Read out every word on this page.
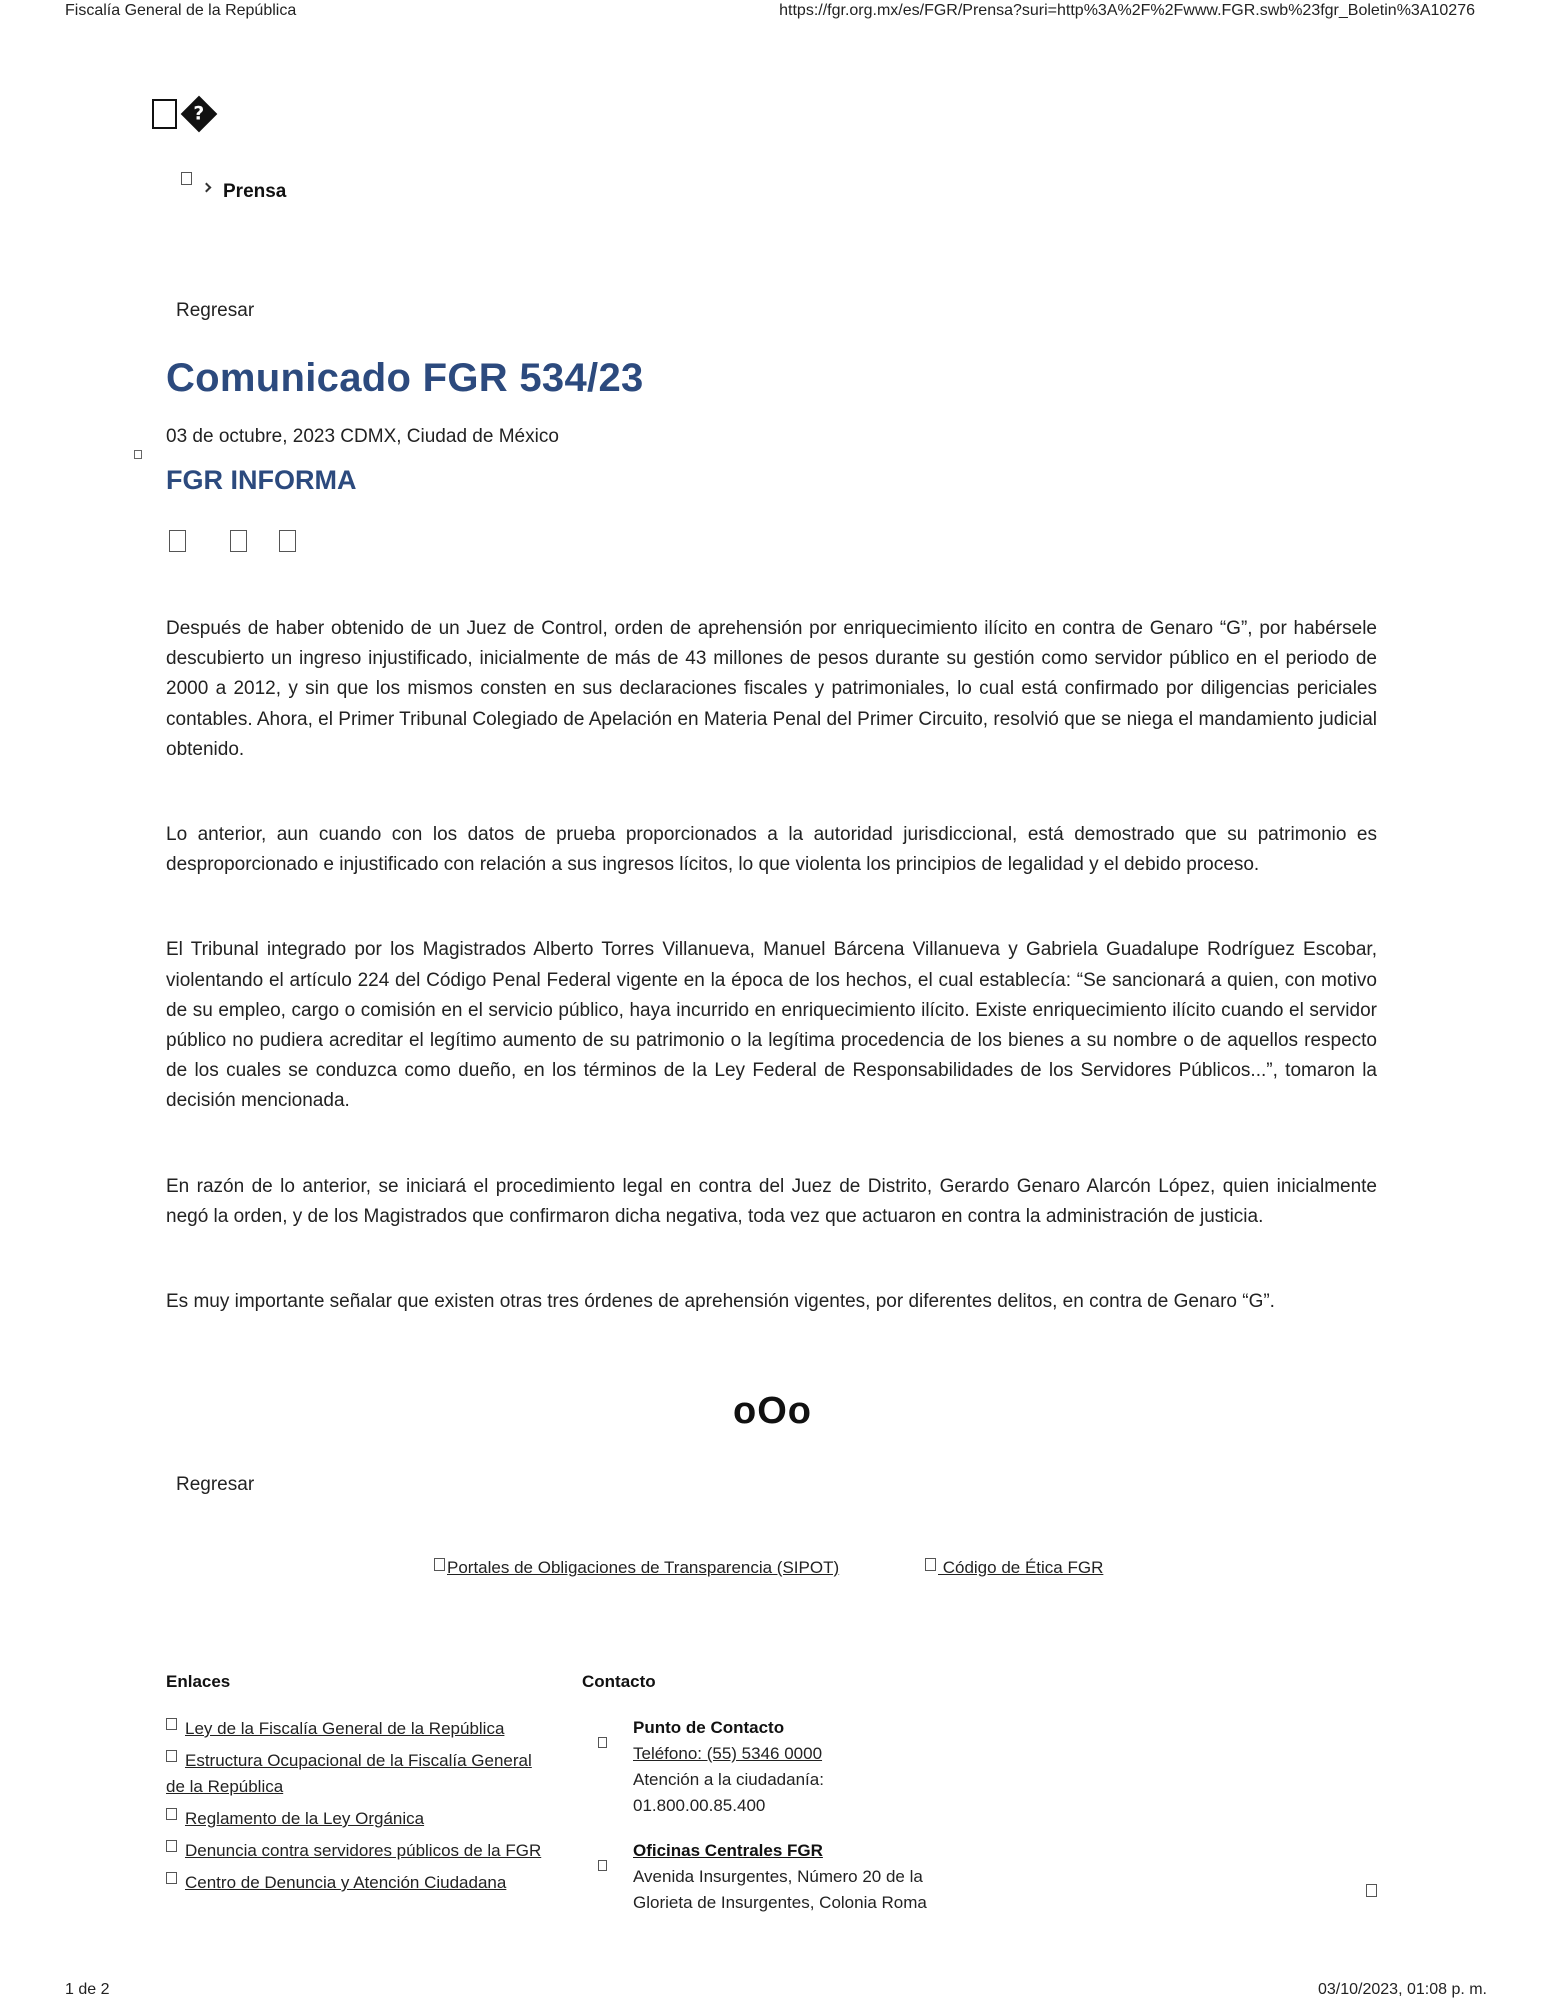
Fiscalía General de la República	https://fgr.org.mx/es/FGR/Prensa?suri=http%3A%2F%2Fwww.FGR.swb%23fgr_Boletin%3A10276
?
Prensa
Regresar
Comunicado FGR 534/23
03 de octubre, 2023 CDMX, Ciudad de México
FGR INFORMA

Después de haber obtenido de un Juez de Control, orden de aprehensión por enriquecimiento ilícito en contra de Genaro “G”, por habérsele descubierto un ingreso injustificado, inicialmente de más de 43 millones de pesos durante su gestión como servidor público en el periodo de 2000 a 2012, y sin que los mismos consten en sus declaraciones fiscales y patrimoniales, lo cual está confirmado por diligencias periciales contables. Ahora, el Primer Tribunal Colegiado de Apelación en Materia Penal del Primer Circuito, resolvió que se niega el mandamiento judicial obtenido.

Lo anterior, aun cuando con los datos de prueba proporcionados a la autoridad jurisdiccional, está demostrado que su patrimonio es desproporcionado e injustificado con relación a sus ingresos lícitos, lo que violenta los principios de legalidad y el debido proceso.

El Tribunal integrado por los Magistrados Alberto Torres Villanueva, Manuel Bárcena Villanueva y Gabriela Guadalupe Rodríguez Escobar, violentando el artículo 224 del Código Penal Federal vigente en la época de los hechos, el cual establecía: “Se sancionará a quien, con motivo de su empleo, cargo o comisión en el servicio público, haya incurrido en enriquecimiento ilícito. Existe enriquecimiento ilícito cuando el servidor público no pudiera acreditar el legítimo aumento de su patrimonio o la legítima procedencia de los bienes a su nombre o de aquellos respecto de los cuales se conduzca como dueño, en los términos de la Ley Federal de Responsabilidades de los Servidores Públicos...”, tomaron la decisión mencionada.

En razón de lo anterior, se iniciará el procedimiento legal en contra del Juez de Distrito, Gerardo Genaro Alarcón López, quien inicialmente negó la orden, y de los Magistrados que confirmaron dicha negativa, toda vez que actuaron en contra la administración de justicia.

Es muy importante señalar que existen otras tres órdenes de aprehensión vigentes, por diferentes delitos, en contra de Genaro “G”.

oOo
Regresar
Portales de Obligaciones de Transparencia (SIPOT)	Código de Ética FGR
Enlaces
Ley de la Fiscalía General de la República
Estructura Ocupacional de la Fiscalía General de la República
Reglamento de la Ley Orgánica
Denuncia contra servidores públicos de la FGR
Centro de Denuncia y Atención Ciudadana
Contacto
Punto de Contacto
Teléfono: (55) 5346 0000
Atención a la ciudadanía:
01.800.00.85.400
Oficinas Centrales FGR
Avenida Insurgentes, Número 20 de la
Glorieta de Insurgentes, Colonia Roma
1 de 2	03/10/2023, 01:08 p. m.
